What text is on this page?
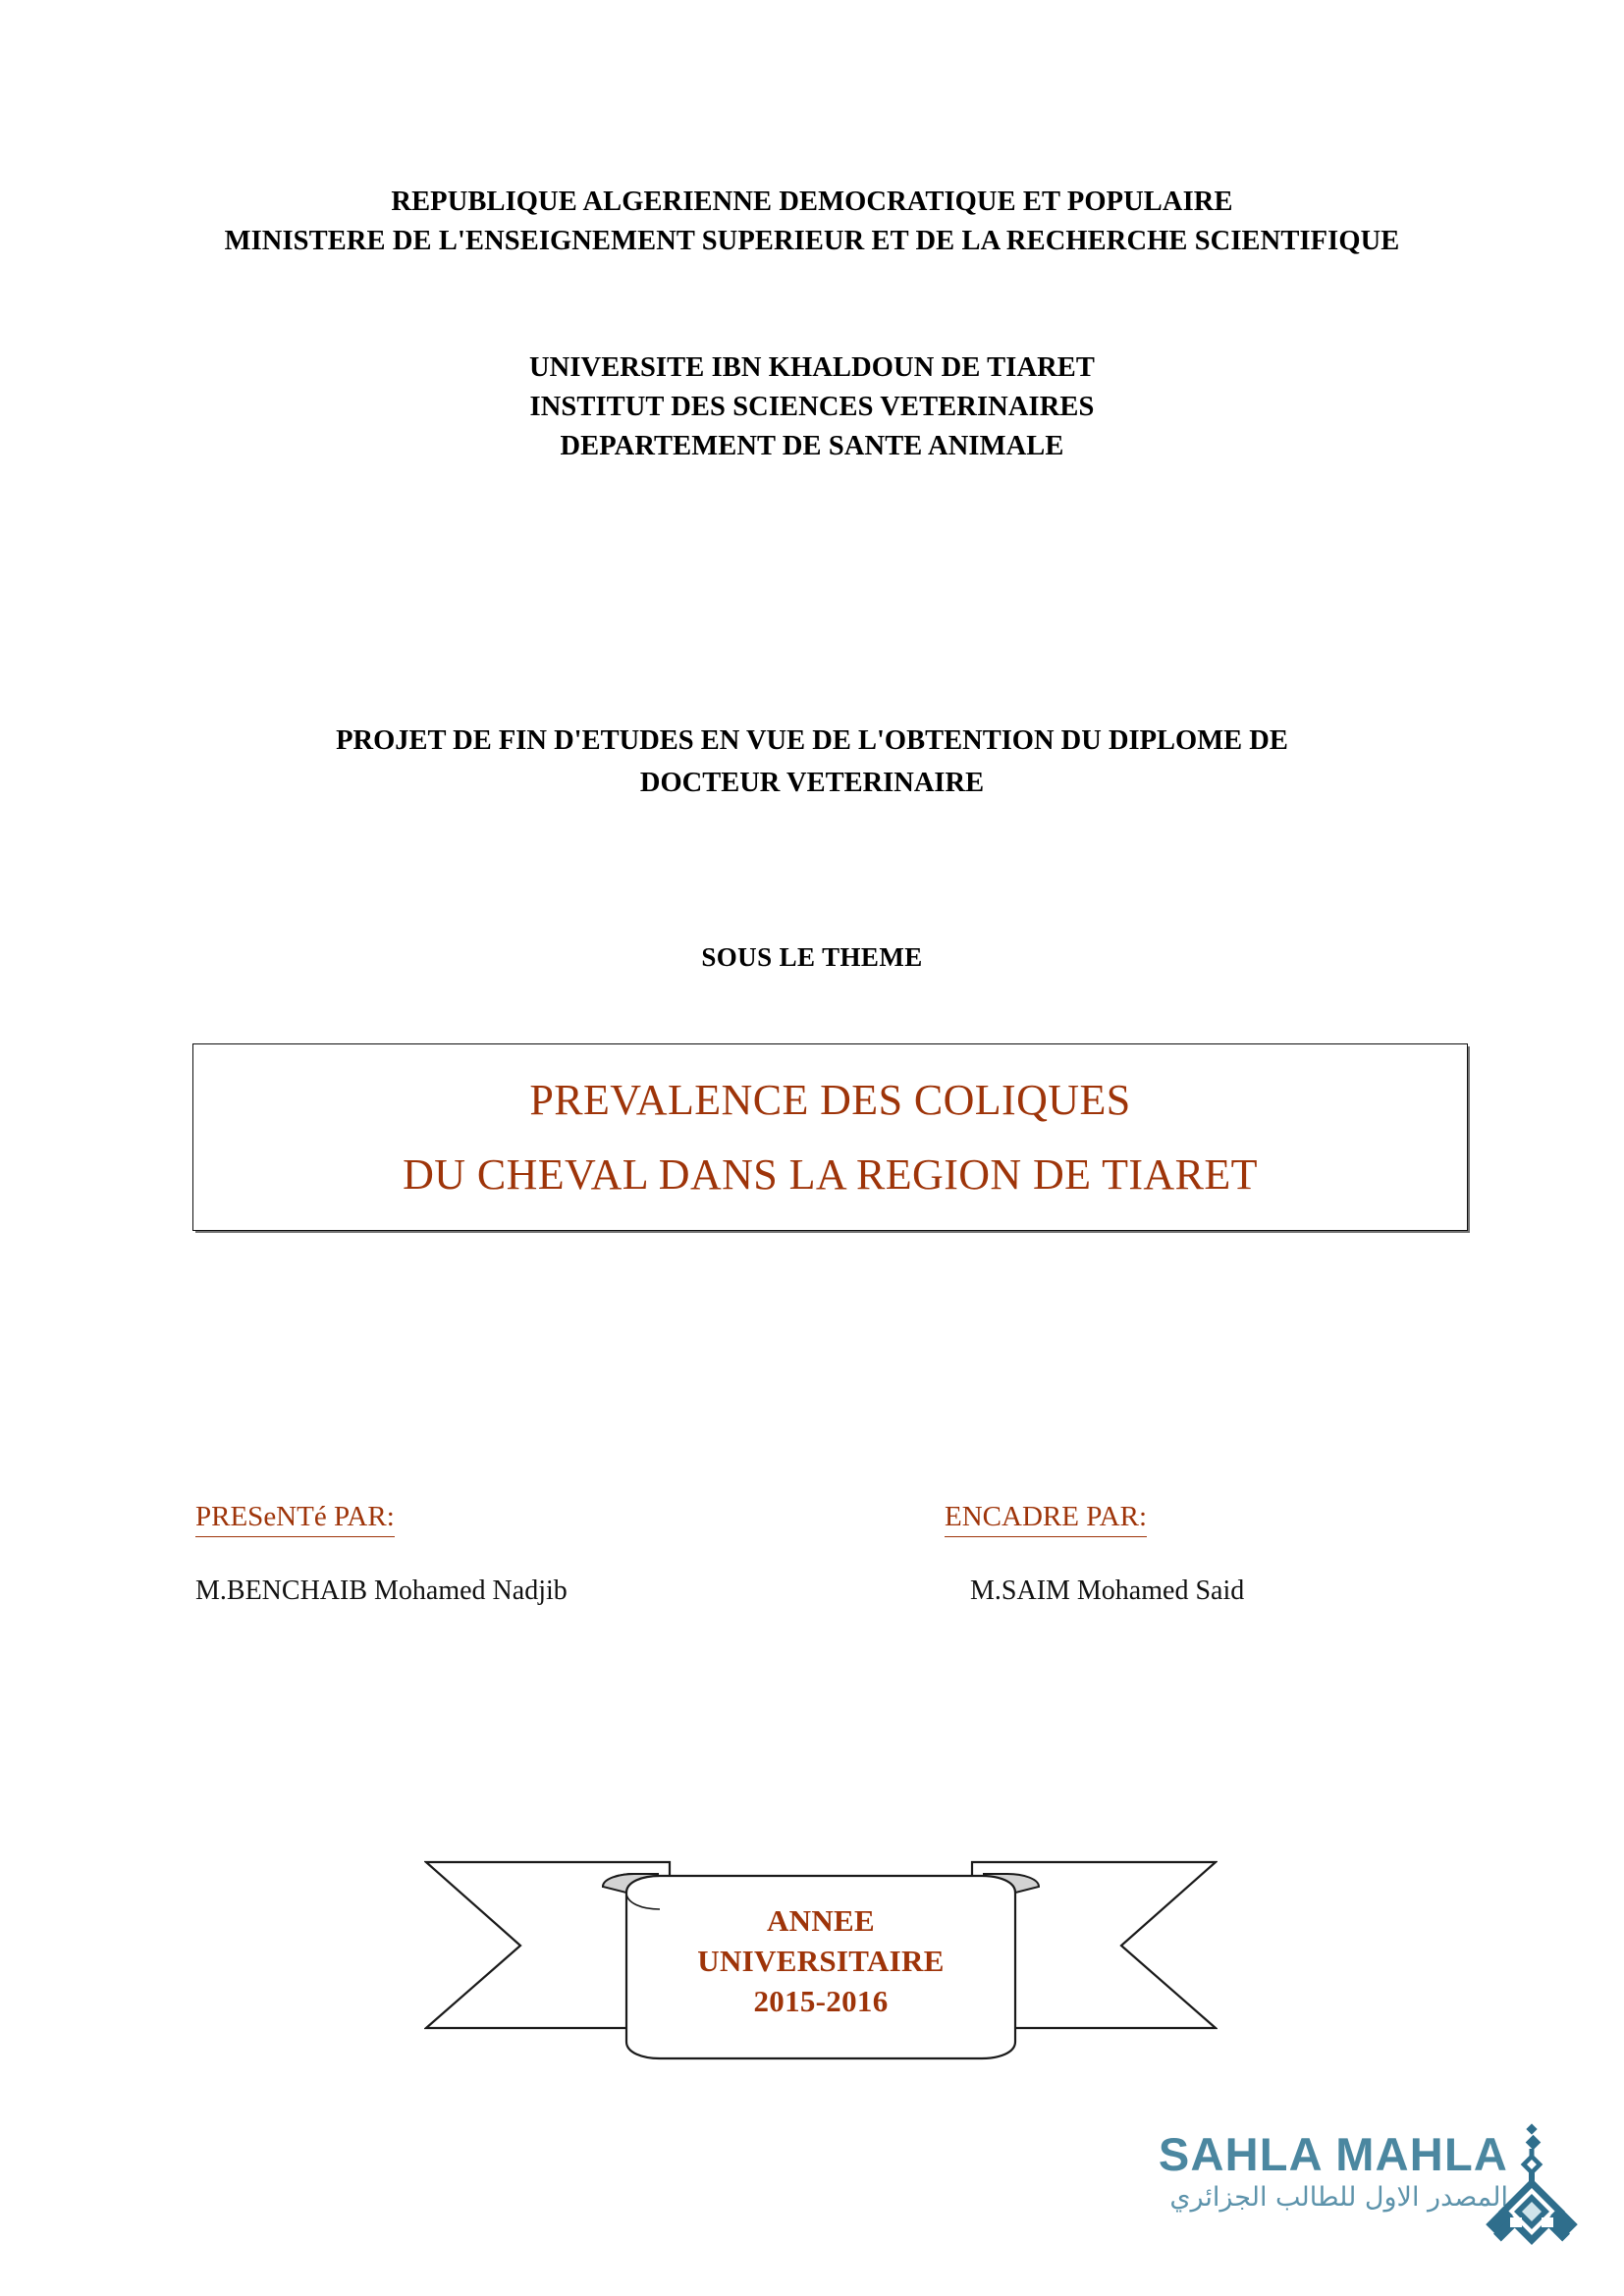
REPUBLIQUE ALGERIENNE DEMOCRATIQUE ET POPULAIRE
MINISTERE DE L'ENSEIGNEMENT SUPERIEUR ET DE LA RECHERCHE SCIENTIFIQUE
UNIVERSITE IBN KHALDOUN DE TIARET
INSTITUT DES SCIENCES VETERINAIRES
DEPARTEMENT DE SANTE ANIMALE
PROJET DE FIN D'ETUDES EN VUE DE L'OBTENTION DU DIPLOME DE
DOCTEUR VETERINAIRE
SOUS LE THEME
PREVALENCE DES COLIQUES
DU CHEVAL DANS LA REGION DE TIARET
PRESeNTé PAR:
M.BENCHAIB Mohamed Nadjib
ENCADRE PAR:
M.SAIM Mohamed Said
ANNEE
UNIVERSITAIRE
2015-2016
SAHLA MAHLA
المصدر الاول للطالب الجزائري
